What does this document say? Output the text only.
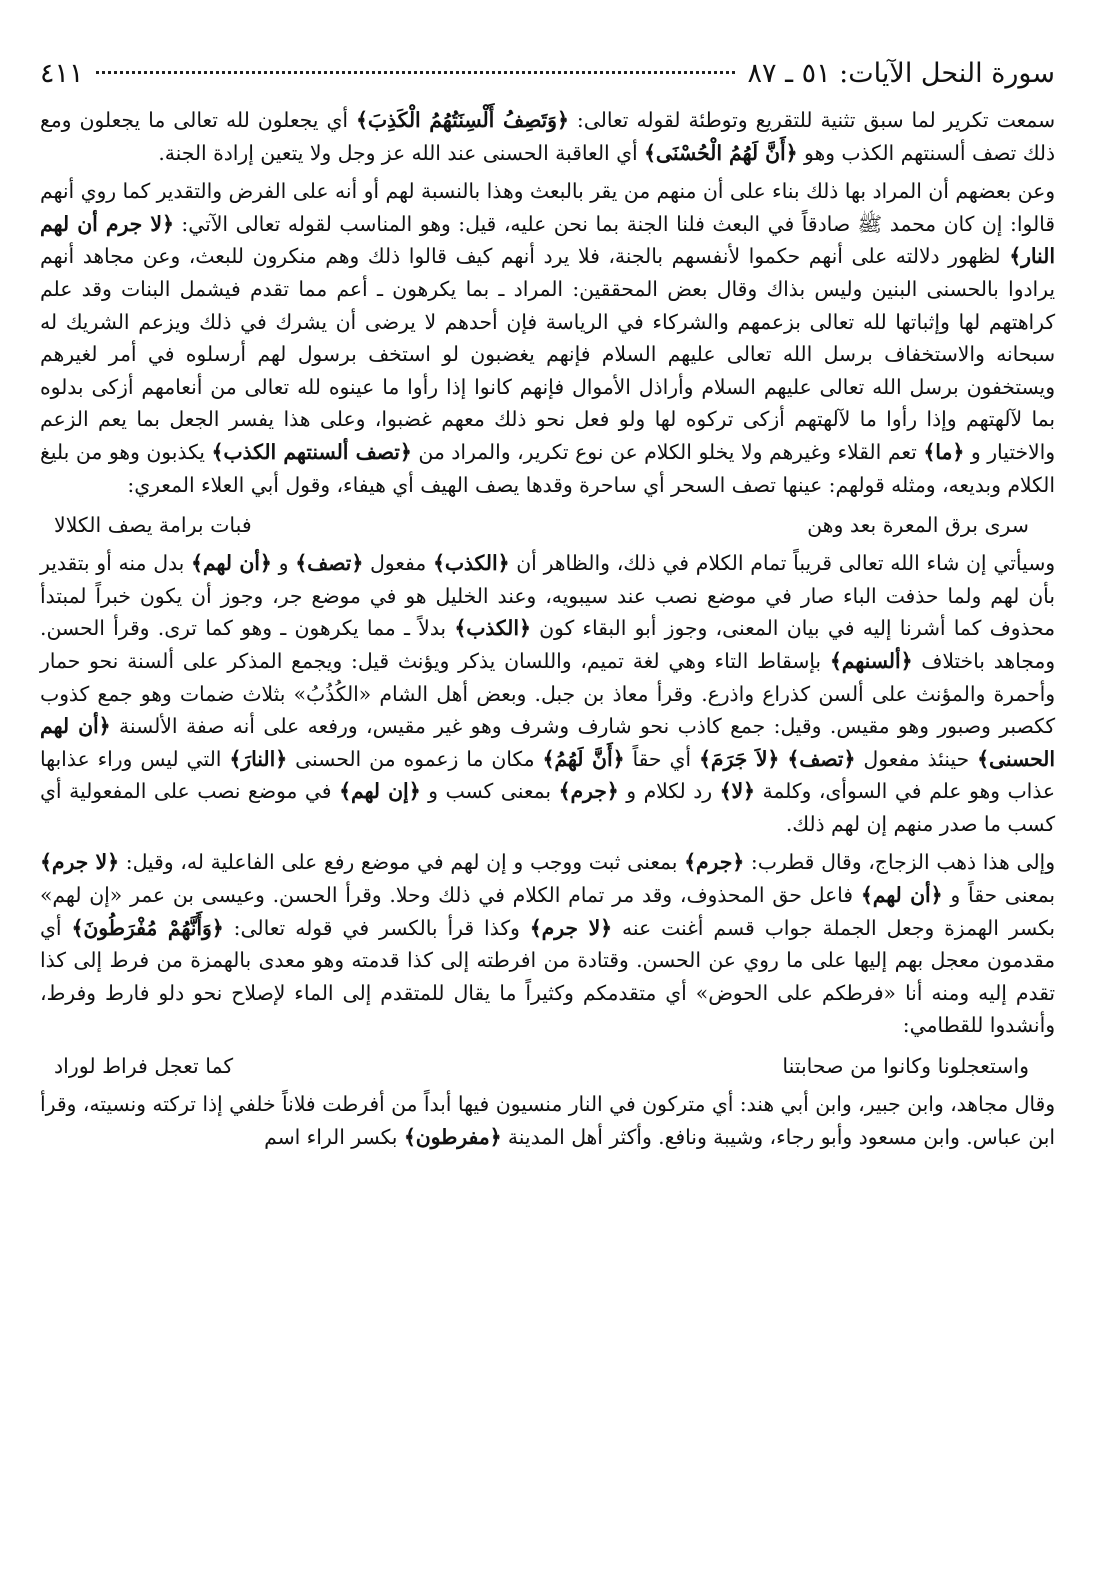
سورة النحل الآيات: ٥١ ـ ٨٧
٤١١

سمعت تكرير لما سبق تثنية للتقريع وتوطئة لقوله تعالى: ﴿وَتَصِفُ أَلْسِنَتُهُمُ الْكَذِبَ﴾ أي يجعلون لله تعالى ما يجعلون ومع ذلك تصف ألسنتهم الكذب وهو ﴿أَنَّ لَهُمُ الْحُسْنَى﴾ أي العاقبة الحسنى عند الله عز وجل ولا يتعين إرادة الجنة.

وعن بعضهم أن المراد بها ذلك بناء على أن منهم من يقر بالبعث وهذا بالنسبة لهم أو أنه على الفرض والتقدير كما روي أنهم قالوا: إن كان محمد ﷺ صادقاً في البعث فلنا الجنة بما نحن عليه، قيل: وهو المناسب لقوله تعالى الآتي: ﴿لا جرم أن لهم النار﴾ لظهور دلالته على أنهم حكموا لأنفسهم بالجنة، فلا يرد أنهم كيف قالوا ذلك وهم منكرون للبعث، وعن مجاهد أنهم يرادوا بالحسنى البنين وليس بذاك وقال بعض المحققين: المراد ـ بما يكرهون ـ أعم مما تقدم فيشمل البنات وقد علم كراهتهم لها وإثباتها لله تعالى بزعمهم والشركاء في الرياسة فإن أحدهم لا يرضى أن يشرك في ذلك ويزعم الشريك له سبحانه والاستخفاف برسل الله تعالى عليهم السلام فإنهم يغضبون لو استخف برسول لهم أرسلوه في أمر لغيرهم ويستخفون برسل الله تعالى عليهم السلام وأراذل الأموال فإنهم كانوا إذا رأوا ما عينوه لله تعالى من أنعامهم أزكى بدلوه بما لآلهتهم وإذا رأوا ما لآلهتهم أزكى تركوه لها ولو فعل نحو ذلك معهم غضبوا، وعلى هذا يفسر الجعل بما يعم الزعم والاختيار و ﴿ما﴾ تعم القلاء وغيرهم ولا يخلو الكلام عن نوع تكرير، والمراد من ﴿تصف ألسنتهم الكذب﴾ يكذبون وهو من بليغ الكلام وبديعه، ومثله قولهم: عينها تصف السحر أي ساحرة وقدها يصف الهيف أي هيفاء، وقول أبي العلاء المعري:

سرى برق المعرة بعد وهن
فبات برامة يصف الكلالا

وسيأتي إن شاء الله تعالى قريباً تمام الكلام في ذلك، والظاهر أن ﴿الكذب﴾ مفعول ﴿تصف﴾ و ﴿أن لهم﴾ بدل منه أو بتقدير بأن لهم ولما حذفت الباء صار في موضع نصب عند سيبويه، وعند الخليل هو في موضع جر، وجوز أن يكون خبراً لمبتدأ محذوف كما أشرنا إليه في بيان المعنى، وجوز أبو البقاء كون ﴿الكذب﴾ بدلاً ـ مما يكرهون ـ وهو كما ترى. وقرأ الحسن. ومجاهد باختلاف ﴿ألسنهم﴾ بإسقاط التاء وهي لغة تميم، واللسان يذكر ويؤنث قيل: ويجمع المذكر على ألسنة نحو حمار وأحمرة والمؤنث على ألسن كذراع واذرع. وقرأ معاذ بن جبل. وبعض أهل الشام «الكُذُبُ» بثلاث ضمات وهو جمع كذوب ككصبر وصبور وهو مقيس. وقيل: جمع كاذب نحو شارف وشرف وهو غير مقيس، ورفعه على أنه صفة الألسنة ﴿أن لهم الحسنى﴾ حينئذ مفعول ﴿تصف﴾ ﴿لاَ جَرَمَ﴾ أي حقاً ﴿أَنَّ لَهُمُ﴾ مكان ما زعموه من الحسنى ﴿النارَ﴾ التي ليس وراء عذابها عذاب وهو علم في السوأى، وكلمة ﴿لا﴾ رد لكلام و ﴿جرم﴾ بمعنى كسب و ﴿إن لهم﴾ في موضع نصب على المفعولية أي كسب ما صدر منهم إن لهم ذلك.

وإلى هذا ذهب الزجاج، وقال قطرب: ﴿جرم﴾ بمعنى ثبت ووجب و إن لهم في موضع رفع على الفاعلية له، وقيل: ﴿لا جرم﴾ بمعنى حقاً و ﴿أن لهم﴾ فاعل حق المحذوف، وقد مر تمام الكلام في ذلك وحلا. وقرأ الحسن. وعيسى بن عمر «إن لهم» بكسر الهمزة وجعل الجملة جواب قسم أغنت عنه ﴿لا جرم﴾ وكذا قرأ بالكسر في قوله تعالى: ﴿وَأَنَّهُمْ مُفْرَطُونَ﴾ أي مقدمون معجل بهم إليها على ما روي عن الحسن. وقتادة من افرطته إلى كذا قدمته وهو معدى بالهمزة من فرط إلى كذا تقدم إليه ومنه أنا «فرطكم على الحوض» أي متقدمكم وكثيراً ما يقال للمتقدم إلى الماء لإصلاح نحو دلو فارط وفرط، وأنشدوا للقطامي:

واستعجلونا وكانوا من صحابتنا
كما تعجل فراط لوراد

وقال مجاهد، وابن جبير، وابن أبي هند: أي متركون في النار منسيون فيها أبداً من أفرطت فلاناً خلفي إذا تركته ونسيته، وقرأ ابن عباس. وابن مسعود وأبو رجاء، وشيبة ونافع. وأكثر أهل المدينة ﴿مفرطون﴾ بكسر الراء اسم
